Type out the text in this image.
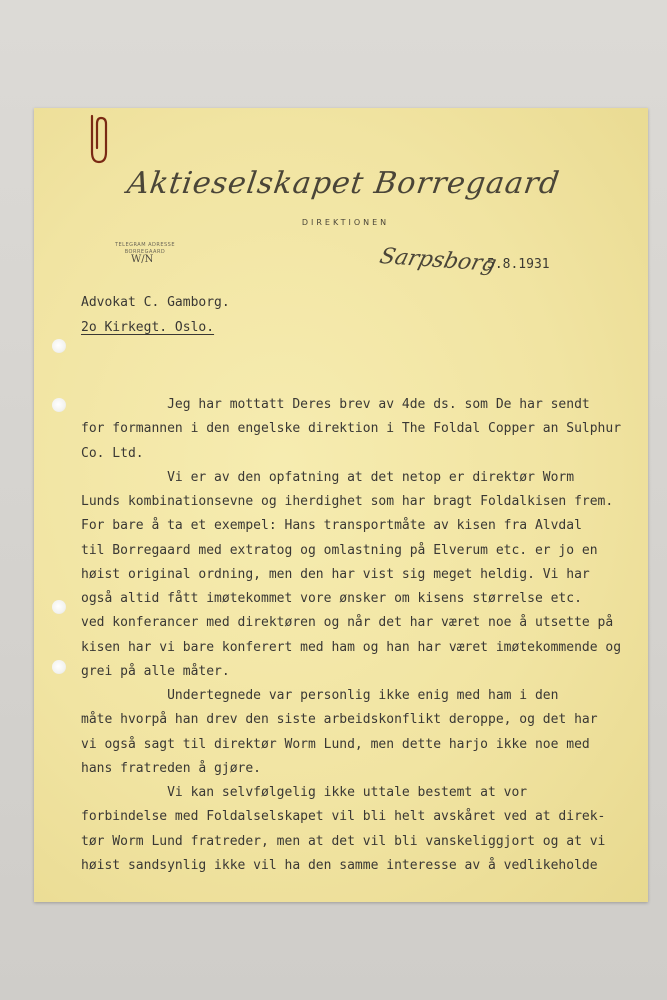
Aktieselskapet Borregaard
DIREKTIONEN
TELEGRAM ADRESSE
BORREGAARD
W/N	Sarpsborg
5.8.1931
Advokat C. Gamborg.
2o Kirkegt. Oslo.
Jeg har mottatt Deres brev av 4de ds. som De har sendt
for formannen i den engelske direktion i The Foldal Copper an Sulphur
Co. Ltd.
Vi er av den opfatning at det netop er direktør Worm
Lunds kombinationsevne og iherdighet som har bragt Foldalkisen frem.
For bare å ta et exempel: Hans transportmåte av kisen fra Alvdal
til Borregaard med extratog og omlastning på Elverum etc. er jo en
høist original ordning, men den har vist sig meget heldig. Vi har
også altid fått imøtekommet vore ønsker om kisens størrelse etc.
ved konferancer med direktøren og når det har været noe å utsette på
kisen har vi bare konferert med ham og han har været imøtekommende og
grei på alle måter.
Undertegnede var personlig ikke enig med ham i den
måte hvorpå han drev den siste arbeidskonflikt deroppe, og det har
vi også sagt til direktør Worm Lund, men dette harjo ikke noe med
hans fratreden å gjøre.
Vi kan selvfølgelig ikke uttale bestemt at vor
forbindelse med Foldalselskapet vil bli helt avskåret ved at direk-
tør Worm Lund fratreder, men at det vil bli vanskeliggjort og at vi
høist sandsynlig ikke vil ha den samme interesse av å vedlikeholde
